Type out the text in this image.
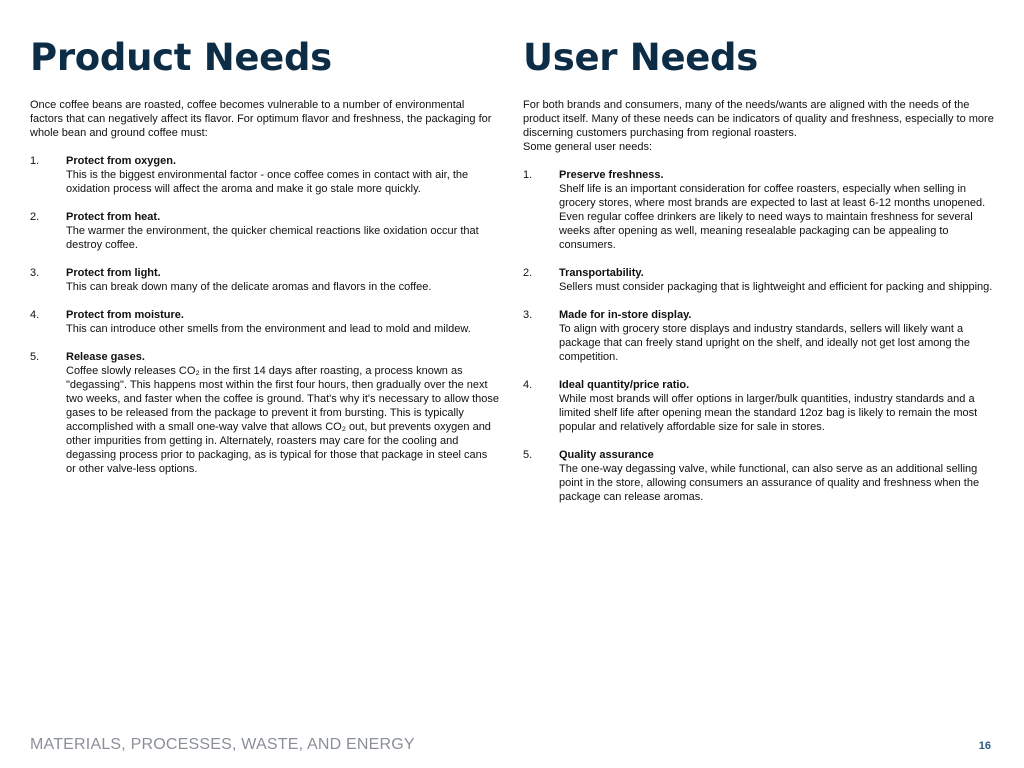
Product Needs

Once coffee beans are roasted, coffee becomes vulnerable to a number of environmental factors that can negatively affect its flavor. For optimum flavor and freshness, the packaging for whole bean and ground coffee must:

1. Protect from oxygen.
This is the biggest environmental factor - once coffee comes in contact with air, the oxidation process will affect the aroma and make it go stale more quickly.
2. Protect from heat.
The warmer the environment, the quicker chemical reactions like oxidation occur that destroy coffee.
3. Protect from light.
This can break down many of the delicate aromas and flavors in the coffee.
4. Protect from moisture.
This can introduce other smells from the environment and lead to mold and mildew.
5. Release gases.
Coffee slowly releases CO₂ in the first 14 days after roasting, a process known as "degassing". This happens most within the first four hours, then gradually over the next two weeks, and faster when the coffee is ground. That's why it's necessary to allow those gases to be released from the package to prevent it from bursting. This is typically accomplished with a small one-way valve that allows CO₂ out, but prevents oxygen and other impurities from getting in. Alternately, roasters may care for the cooling and degassing process prior to packaging, as is typical for those that package in steel cans or other valve-less options.
User Needs

For both brands and consumers, many of the needs/wants are aligned with the needs of the product itself. Many of these needs can be indicators of quality and freshness, especially to more discerning customers purchasing from regional roasters.

Some general user needs:

1. Preserve freshness.
Shelf life is an important consideration for coffee roasters, especially when selling in grocery stores, where most brands are expected to last at least 6-12 months unopened. Even regular coffee drinkers are likely to need ways to maintain freshness for several weeks after opening as well, meaning resealable packaging can be appealing to consumers.
2. Transportability.
Sellers must consider packaging that is lightweight and efficient for packing and shipping.
3. Made for in-store display.
To align with grocery store displays and industry standards, sellers will likely want a package that can freely stand upright on the shelf, and ideally not get lost among the competition.
4. Ideal quantity/price ratio.
While most brands will offer options in larger/bulk quantities, industry standards and a limited shelf life after opening mean the standard 12oz bag is likely to remain the most popular and relatively affordable size for sale in stores.
5. Quality assurance
The one-way degassing valve, while functional, can also serve as an additional selling point in the store, allowing consumers an assurance of quality and freshness when the package can release aromas.
MATERIALS, PROCESSES, WASTE, AND ENERGY	16
